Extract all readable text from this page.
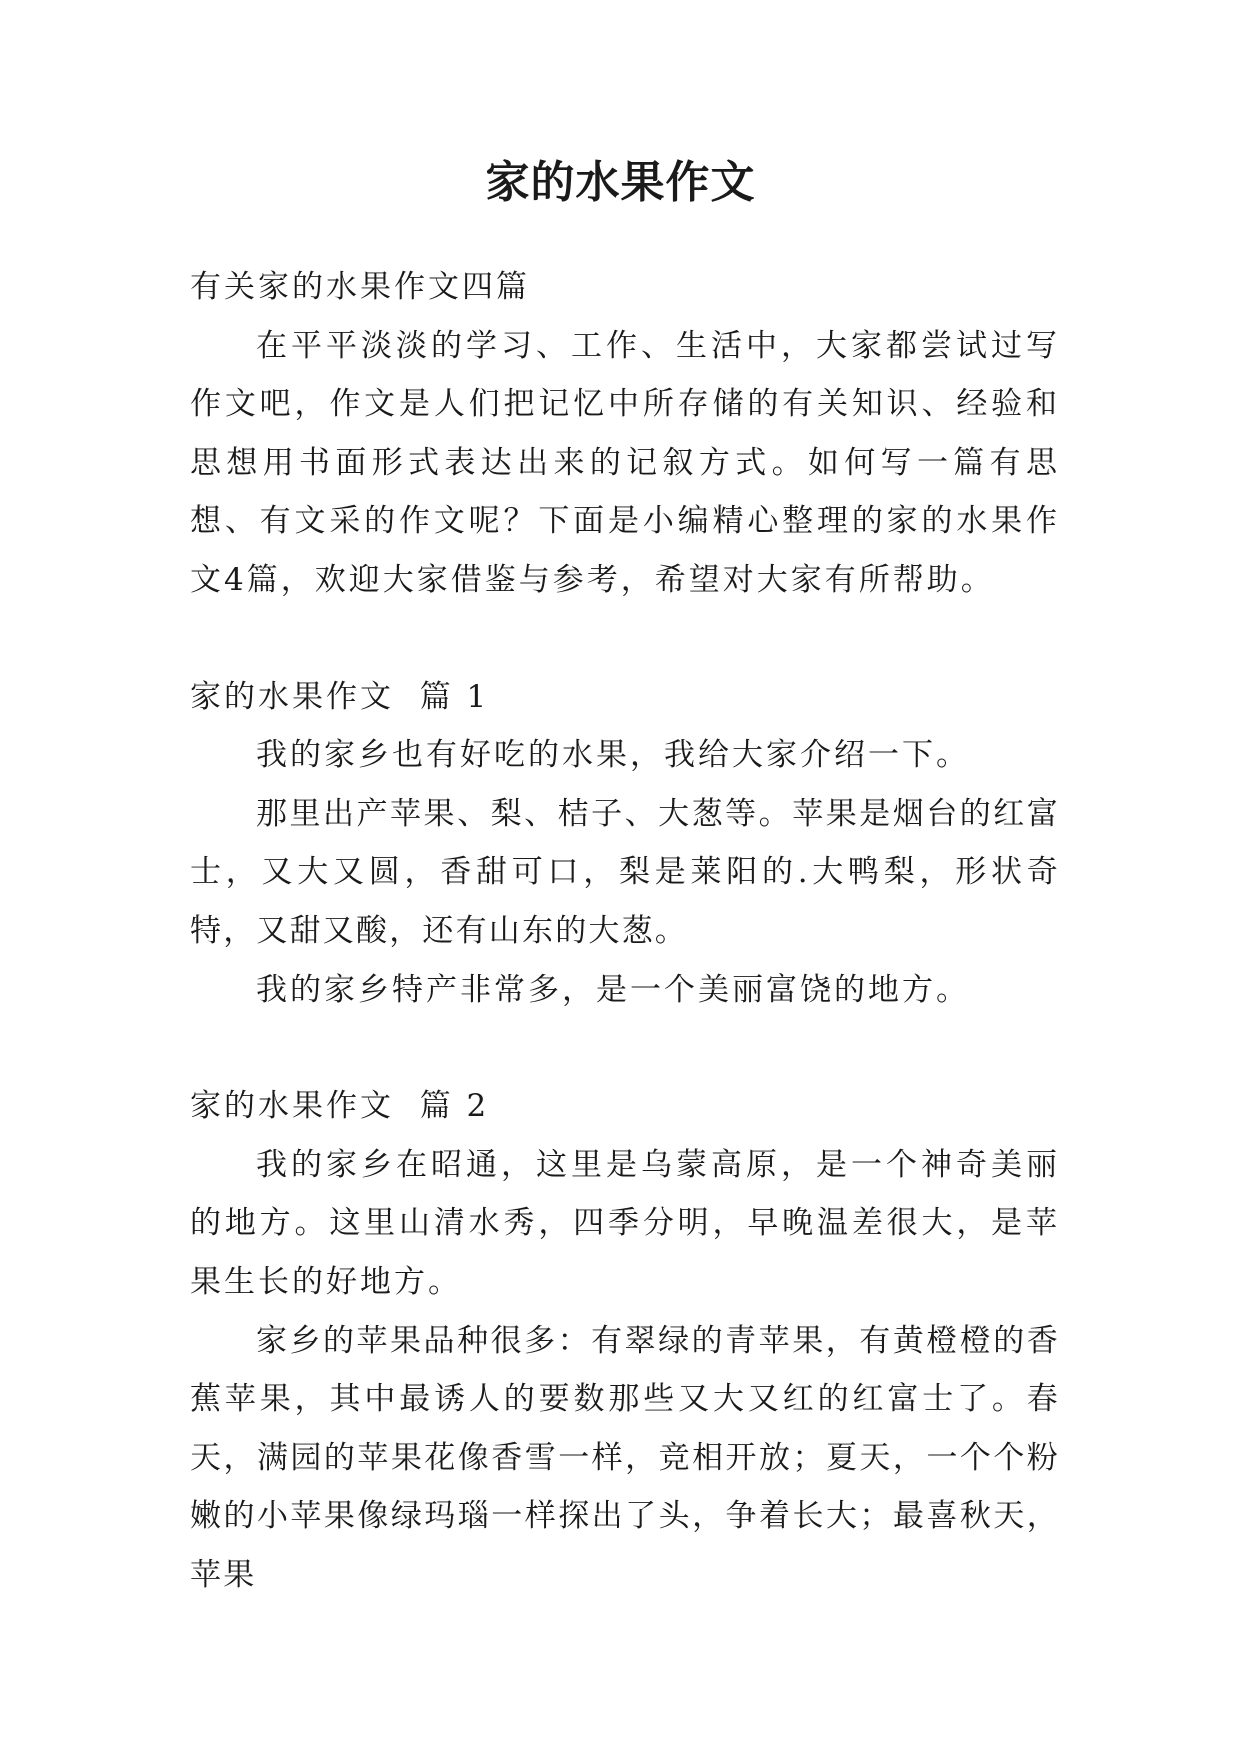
家的水果作文

有关家的水果作文四篇

在平平淡淡的学习、工作、生活中，大家都尝试过写作文吧，作文是人们把记忆中所存储的有关知识、经验和思想用书面形式表达出来的记叙方式。如何写一篇有思想、有文采的作文呢？下面是小编精心整理的家的水果作文4篇，欢迎大家借鉴与参考，希望对大家有所帮助。

家的水果作文  篇 1

我的家乡也有好吃的水果，我给大家介绍一下。

那里出产苹果、梨、桔子、大葱等。苹果是烟台的红富士，又大又圆，香甜可口，梨是莱阳的.大鸭梨，形状奇特，又甜又酸，还有山东的大葱。

我的家乡特产非常多，是一个美丽富饶的地方。

家的水果作文  篇 2

我的家乡在昭通，这里是乌蒙高原，是一个神奇美丽的地方。这里山清水秀，四季分明，早晚温差很大，是苹果生长的好地方。

家乡的苹果品种很多：有翠绿的青苹果，有黄橙橙的香蕉苹果，其中最诱人的要数那些又大又红的红富士了。春天，满园的苹果花像香雪一样，竞相开放；夏天，一个个粉嫩的小苹果像绿玛瑙一样探出了头，争着长大；最喜秋天，苹果
